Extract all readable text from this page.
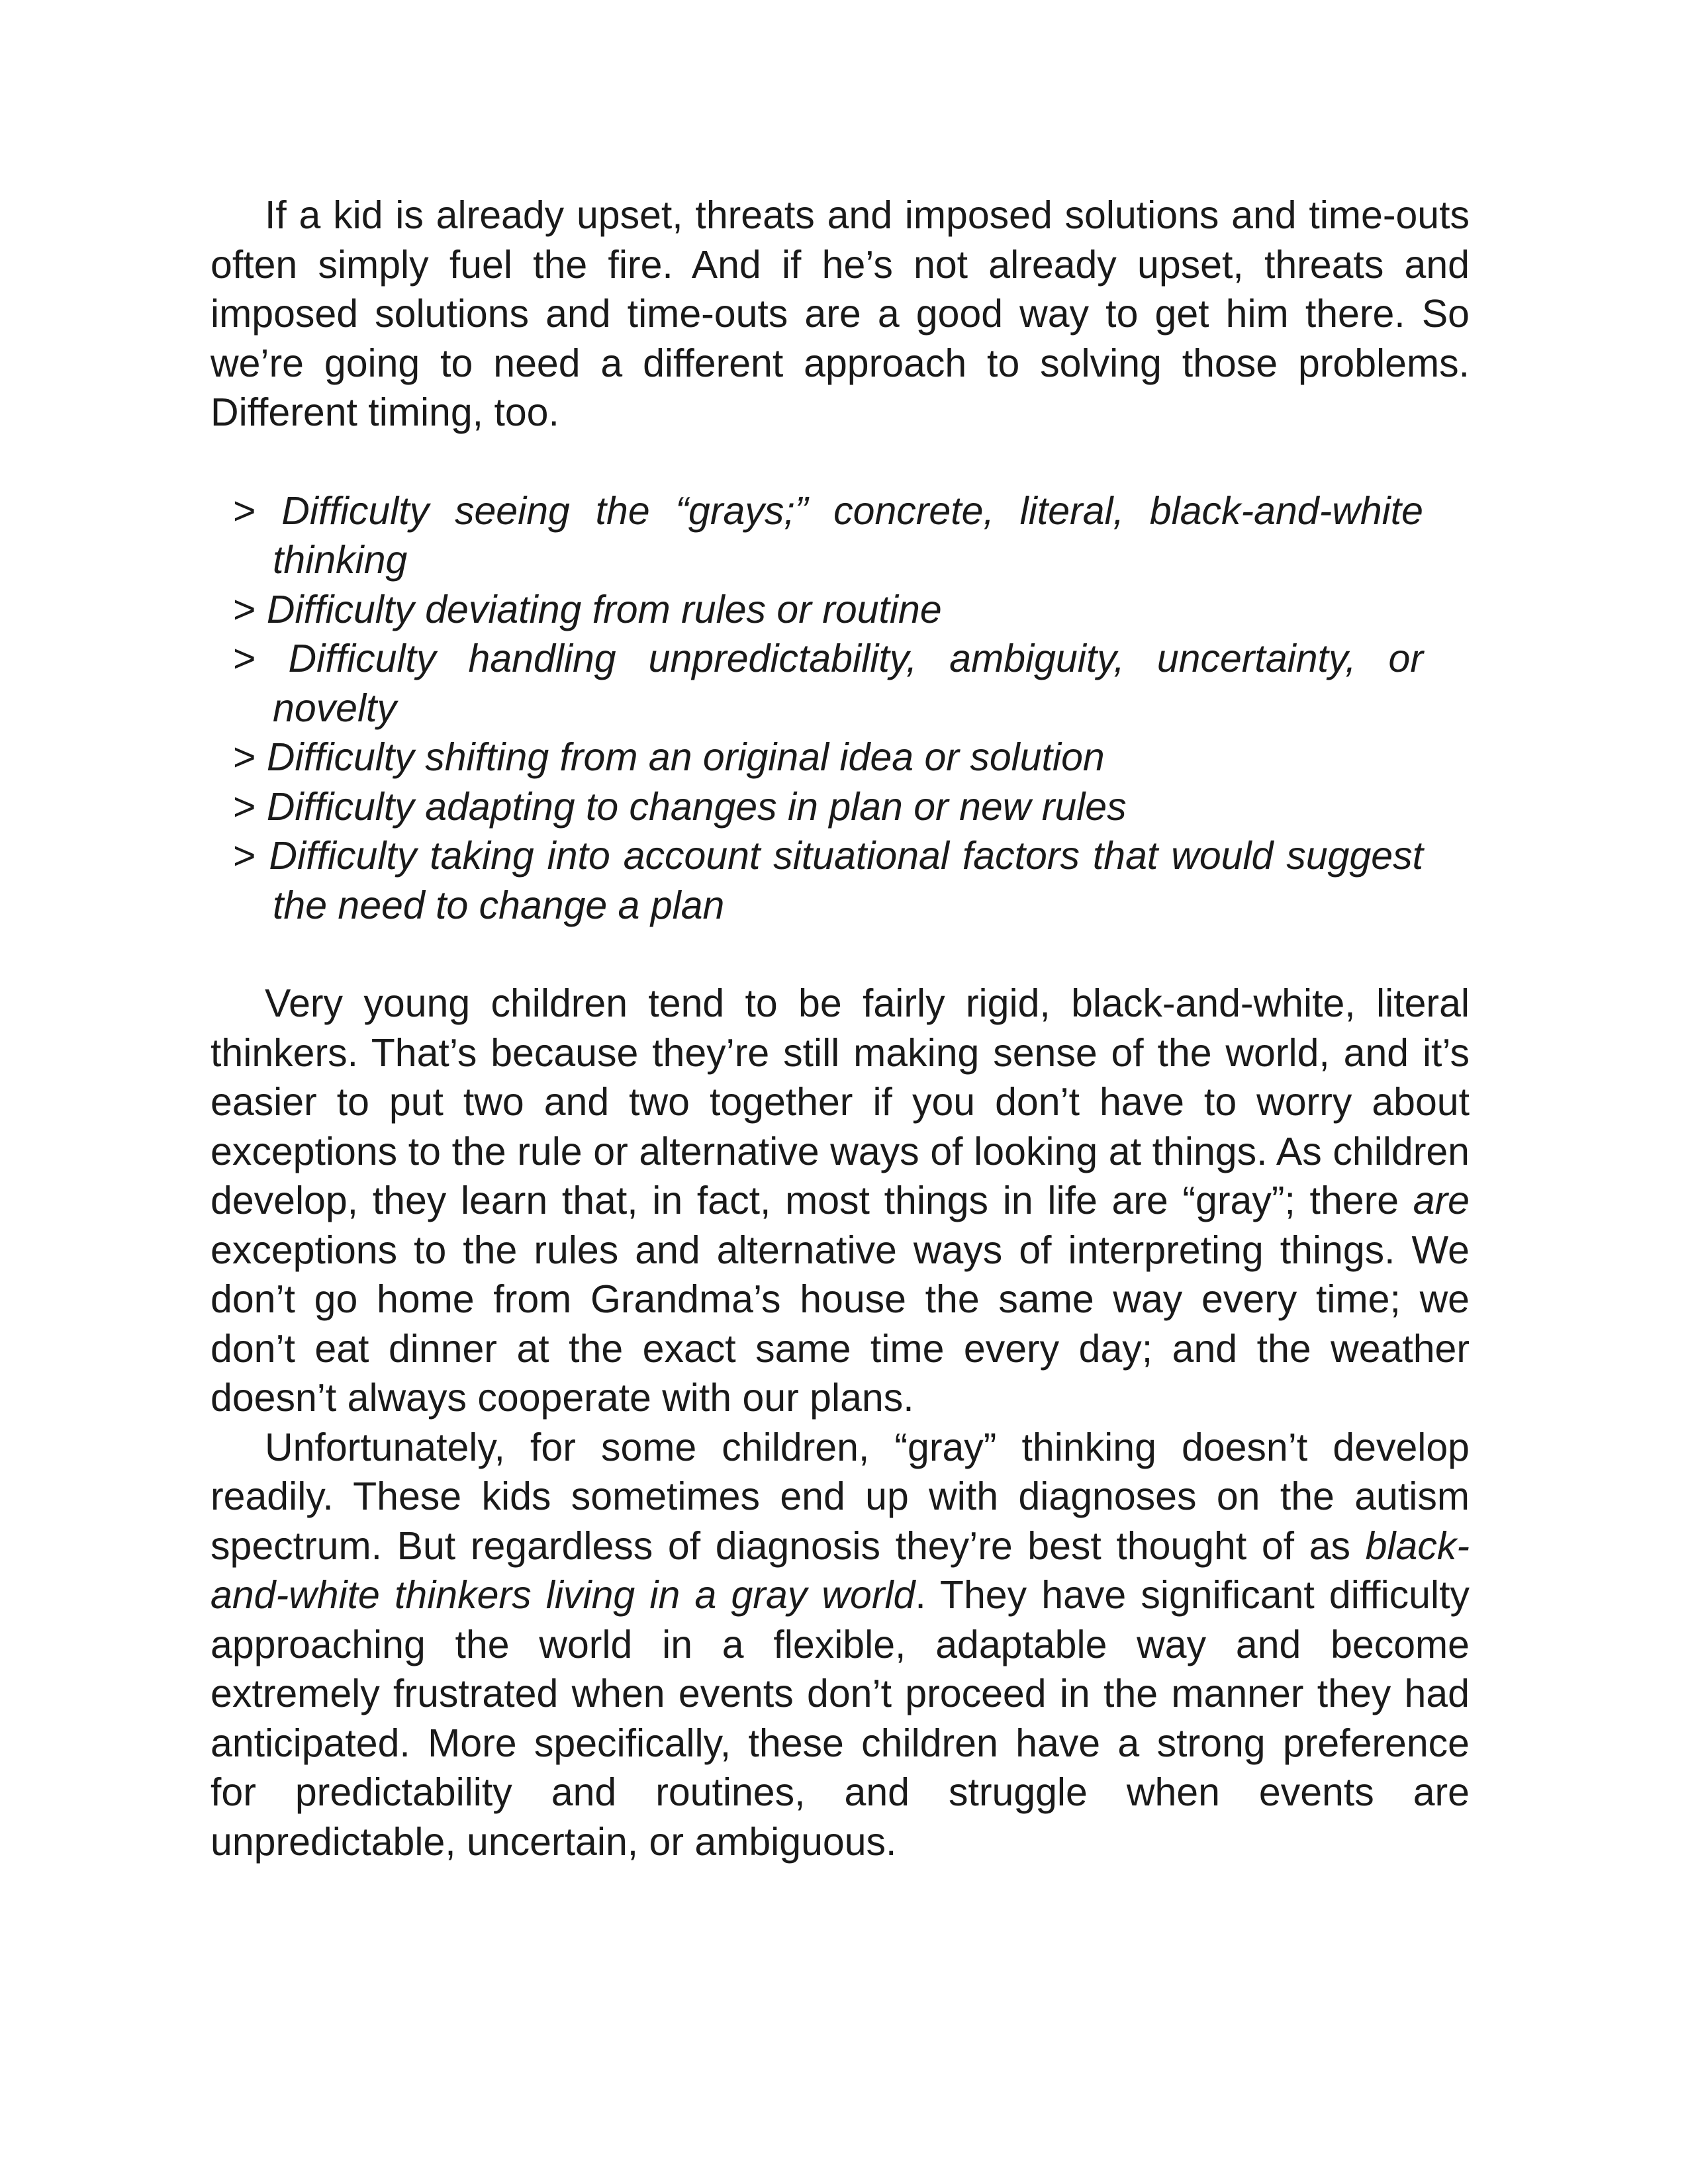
If a kid is already upset, threats and imposed solutions and time-outs often simply fuel the fire. And if he’s not already upset, threats and imposed solutions and time-outs are a good way to get him there. So we’re going to need a different approach to solving those problems. Different timing, too.

> Difficulty seeing the “grays;” concrete, literal, black-and-white thinking
> Difficulty deviating from rules or routine
> Difficulty handling unpredictability, ambiguity, uncertainty, or novelty
> Difficulty shifting from an original idea or solution
> Difficulty adapting to changes in plan or new rules
> Difficulty taking into account situational factors that would suggest the need to change a plan

Very young children tend to be fairly rigid, black-and-white, literal thinkers. That’s because they’re still making sense of the world, and it’s easier to put two and two together if you don’t have to worry about exceptions to the rule or alternative ways of looking at things. As children develop, they learn that, in fact, most things in life are “gray”; there are exceptions to the rules and alternative ways of interpreting things. We don’t go home from Grandma’s house the same way every time; we don’t eat dinner at the exact same time every day; and the weather doesn’t always cooperate with our plans.

Unfortunately, for some children, “gray” thinking doesn’t develop readily. These kids sometimes end up with diagnoses on the autism spectrum. But regardless of diagnosis they’re best thought of as black-and-white thinkers living in a gray world. They have significant difficulty approaching the world in a flexible, adaptable way and become extremely frustrated when events don’t proceed in the manner they had anticipated. More specifically, these children have a strong preference for predictability and routines, and struggle when events are unpredictable, uncertain, or ambiguous.
